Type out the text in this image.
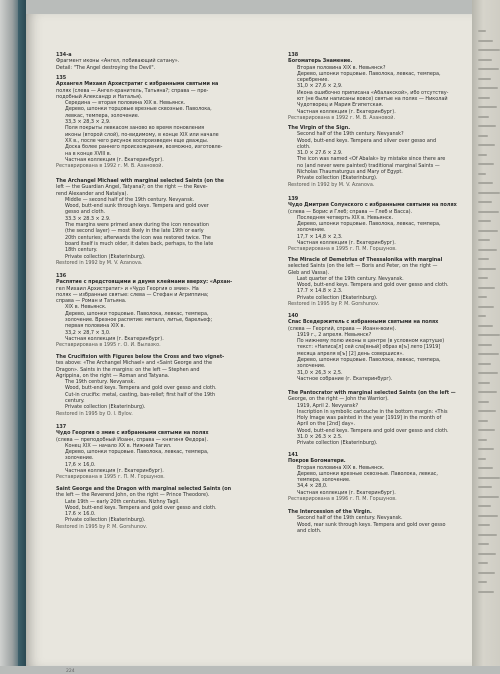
134-а
Фрагмент иконы «Ангел, побивающий сатану».
Detail: "The Angel destroying the Devil".
135
Архангел Михаил Архистратиг с избранными святыми на
полях (слева — Ангел-хранитель, Татьяна?; справа — пре-
подобный Александр и Наталья).
Середина — вторая половина XIX в. Невьянск.
Дерево, шпонки торцовые врезные сквозные. Паволока,
левкас, темпера, золочение.
33,3 × 28,3 × 2,9.
Поля покрыты левкасом заново во время поновления
иконы (второй слой), по-видимому, в конце XIX или начале
XX в., после чего рисунок воспроизведен еще дважды.
Доска более раннего происхождения, возможно, изготовле-
на в конце XVIII в.
Частная коллекция (г. Екатеринбург).
Реставрирована в 1992 г. М. В. Азановой.
The Archangel Michael with marginal selected Saints (on the
left — the Guardian Angel, Tatyana?; on the right — the Reve-
rend Alexander and Natalya).
Middle — second half of the 19th century. Nevyansk.
Wood, butt-end sunk through keys. Tempera and gold over
gesso and cloth.
33.3 × 28.3 × 2.9.
The margins were primed anew during the icon renovation
(the second layer) — most likely in the late 19th or early
20th centuries; afterwards the icon was restored twice. The
board itself is much older, it dates back, perhaps, to the late
18th century.
Private collection (Ekaterinburg).
Restored in 1992 by M. V. Azanova.
136
Распятие с предстоящими и двумя клеймами вверху: «Архан-
гел Михаил Архистратиг» и «Чудо Георгия о змие». На
полях — избранные святые: слева — Стефан и Агриппина;
справа — Роман и Татьяна.
XIX в. Невьянск.
Дерево, шпонки торцовые. Паволока, левкас, темпера,
золочение. Врезное распятие: металл, литье, барельеф;
первая половина XIX в.
33,2 × 28,7 × 3,0.
Частная коллекция (г. Екатеринбург).
Реставрирована в 1995 г. О. И. Вылазко.
The Crucifixion with Figures below the Cross and two vignet-
tes above: «The Archangel Michael» and «Saint George and the
Dragon». Saints in the margins: on the left — Stephen and
Agrippina, on the right — Roman and Tatyana.
The 19th century. Nevyansk.
Wood, butt-end keys. Tempera and gold over gesso and cloth.
Cut-in crucifix: metal, casting, bas-relief; first half of the 19th
century.
Private collection (Ekaterinburg).
Restored in 1995 by O. I. Bylov.
137
Чудо Георгия о змие с избранными святыми на полях
(слева — преподобный Иоанн, справа — княгиня Федора).
Конец XIX — начало XX в. Нижний Тагил.
Дерево, шпонки торцовые. Паволока, левкас, темпера,
золочение.
17,6 × 16,0.
Частная коллекция (г. Екатеринбург).
Реставрирована в 1995 г. П. М. Горшунов.
Saint George and the Dragon with marginal selected Saints (on
the left — the Reverend John, on the right — Prince Theodore).
Late 19th — early 20th centuries. Nizhny Tagil.
Wood, butt-end keys. Tempera and gold over gesso and cloth.
17.6 × 16.0.
Private collection (Ekaterinburg).
Restored in 1995 by P. M. Gorshunov.
138
Богоматерь Знамение.
Вторая половина XIX в. Невьянск?
Дерево, шпонки торцовые. Паволока, левкас, темпера,
серебрение.
31,0 × 27,6 × 2,9.
Икона ошибочно приписана «Абалакской», ибо отсутству-
ют (не были написаны вовсе) святые на полях — Николай
Чудотворец и Мария Египетская.
Частная коллекция (г. Екатеринбург).
Реставрирована в 1992 г. М. В. Азановой.
The Virgin of the Sign.
Second half of the 19th century. Nevyansk?
Wood, butt-end keys. Tempera and silver over gesso and
cloth.
31.0 × 27.6 × 2.9.
The icon was named «Of Abalak» by mistake since there are
no (and never were painted) traditional marginal Saints —
Nicholas Thaumaturgus and Mary of Egypt.
Private collection (Ekaterinburg).
Restored in 1992 by M. V. Azanova.
139
Чудо Дмитрия Солунского с избранными святыми на полях
(слева — Борис и Глеб; справа — Глеб и Васса).
Последняя четверть XIX в. Невьянск.
Дерево, шпонки торцовые. Паволока, левкас, темпера,
золочение.
17,7 × 14,8 × 2,3.
Частная коллекция (г. Екатеринбург).
Реставрирована в 1995 г. П. М. Горшунов.
The Miracle of Demetrius of Thessalonika with marginal
selected Saints (on the left — Boris and Peter, on the right —
Gleb and Vassa).
Last quarter of the 19th century. Nevyansk.
Wood, butt-end keys. Tempera and gold over gesso and cloth.
17.7 × 14.8 × 2.3.
Private collection (Ekaterinburg).
Restored in 1995 by P. M. Gorshunov.
140
Спас Вседержитель с избранными святыми на полях
(слева — Георгий, справа — Иоанн-воин).
1919 г., 2 апреля. Невьянск?
По нижнему полю иконы в центре (в условном картуше)
текст: «Написа[л] сей сла[вный] образ в[ъ] лето [1919]
месяца апреля в[ъ] [2] день совершися».
Дерево, шпонки торцовые. Паволока, левкас, темпера,
золочение.
31,0 × 26,3 × 2,5.
Частное собрание (г. Екатеринбург).
The Pantocrator with marginal selected Saints (on the left —
George, on the right — John the Warrior).
1919, April 2. Nevyansk?
Inscription in symbolic cartouche in the bottom margin: «This
Holy Image was painted in the year [1919] in the month of
April on the [2nd] day».
Wood, butt-end keys. Tempera and gold over gesso and cloth.
31.0 × 26.3 × 2.5.
Private collection (Ekaterinburg).
141
Покров Богоматери.
Вторая половина XIX в. Невьянск.
Дерево, шпонки врезные сквозные. Паволока, левкас,
темпера, золочение.
34,4 × 28,0.
Частная коллекция (г. Екатеринбург).
Реставрирована в 1996 г. П. М. Горшунов.
The Intercession of the Virgin.
Second half of the 19th century. Nevyansk.
Wood, rear sunk through keys. Tempera and gold over gesso
and cloth.
224
